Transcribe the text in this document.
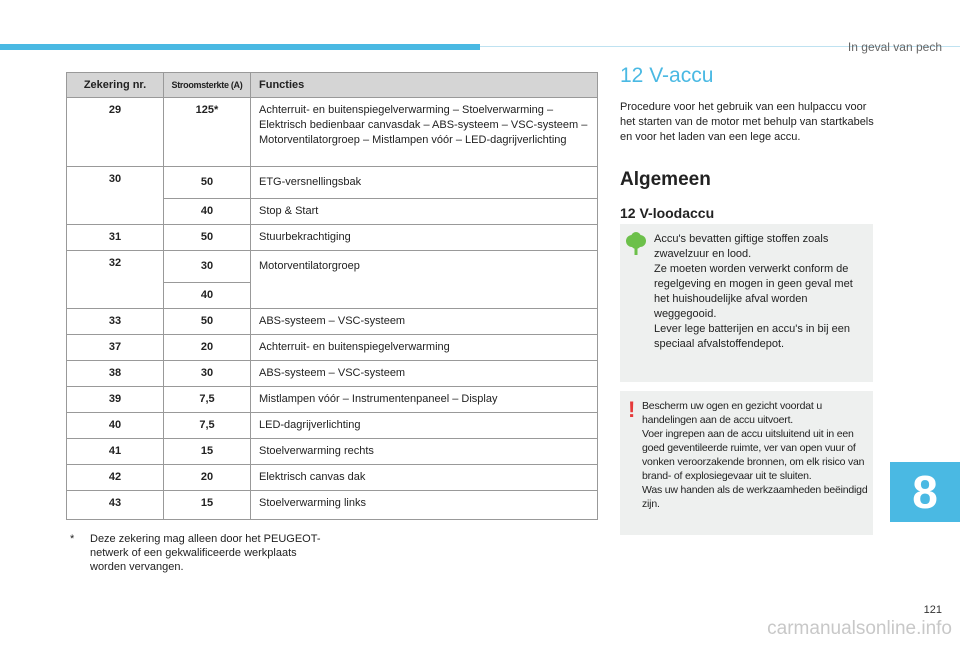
In geval van pech
Zekering nr.	Stroomsterkte (A)	Functies
29	125*	Achterruit- en buitenspiegelverwarming – Stoelverwarming – Elektrisch bedienbaar canvasdak – ABS-systeem – VSC-systeem – Motorventilatorgroep – Mistlampen vóór – LED-dagrijverlichting
30	50	ETG-versnellingsbak
	40	Stop & Start
31	50	Stuurbekrachtiging
32	30	Motorventilatorgroep
	40	
33	50	ABS-systeem – VSC-systeem
37	20	Achterruit- en buitenspiegelverwarming
38	30	ABS-systeem – VSC-systeem
39	7,5	Mistlampen vóór – Instrumentenpaneel – Display
40	7,5	LED-dagrijverlichting
41	15	Stoelverwarming rechts
42	20	Elektrisch canvas dak
43	15	Stoelverwarming links
* Deze zekering mag alleen door het PEUGEOT-netwerk of een gekwalificeerde werkplaats worden vervangen.
12 V-accu
Procedure voor het gebruik van een hulpaccu voor het starten van de motor met behulp van startkabels en voor het laden van een lege accu.
Algemeen
12 V-loodaccu
Accu's bevatten giftige stoffen zoals zwavelzuur en lood.
Ze moeten worden verwerkt conform de regelgeving en mogen in geen geval met het huishoudelijke afval worden weggegooid.
Lever lege batterijen en accu's in bij een speciaal afvalstoffendepot.
! Bescherm uw ogen en gezicht voordat u handelingen aan de accu uitvoert.
Voer ingrepen aan de accu uitsluitend uit in een goed geventileerde ruimte, ver van open vuur of vonken veroorzakende bronnen, om elk risico van brand- of explosiegevaar uit te sluiten.
Was uw handen als de werkzaamheden beëindigd zijn.	8
121
carmanualsonline.info
